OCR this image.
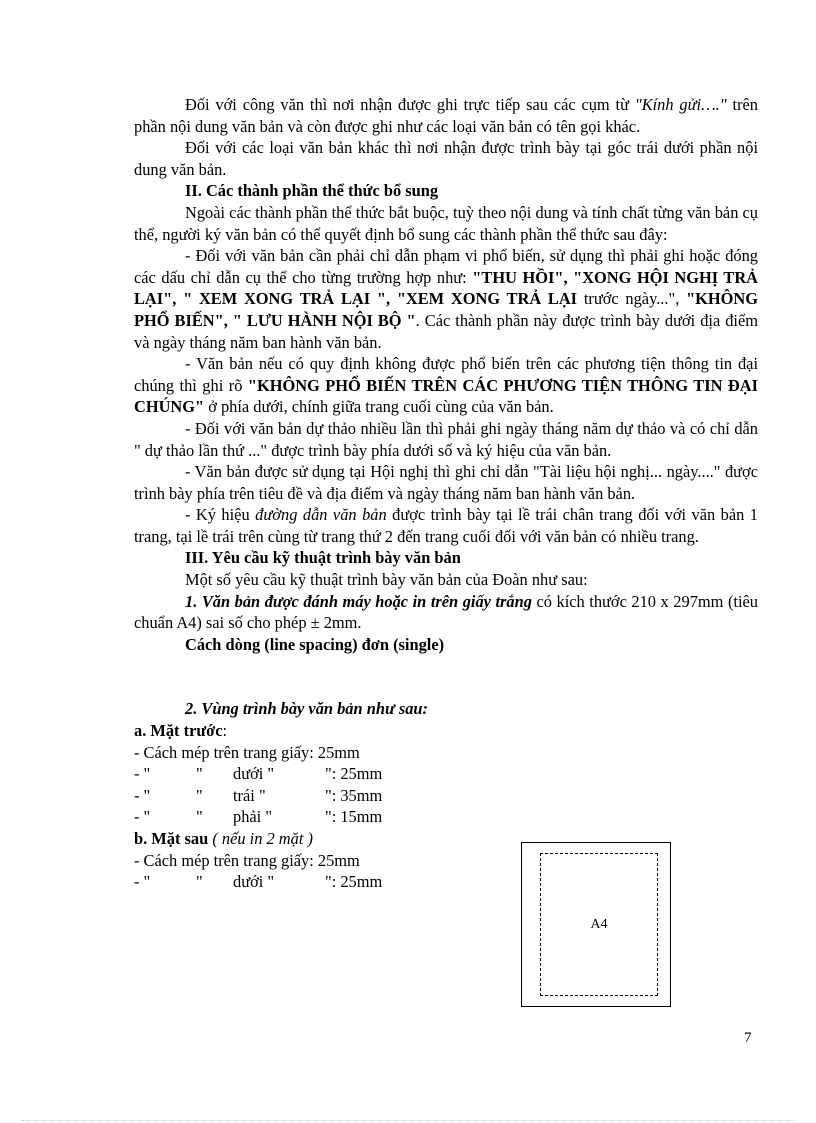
Đối với công văn thì nơi nhận được ghi trực tiếp sau các cụm từ "Kính gửi…." trên phần nội dung văn bản và còn được ghi như các loại văn bản có tên gọi khác.

Đối với các loại văn bản khác thì nơi nhận được trình bày tại góc trái dưới phần nội dung văn bản.

II. Các thành phần thể thức bổ sung

Ngoài các thành phần thể thức bắt buộc, tuỳ theo nội dung và tính chất từng văn bản cụ thể, người ký văn bản có thể quyết định bổ sung các thành phần thể thức sau đây:

- Đối với văn bản cần phải chỉ dẫn phạm vi phổ biến, sử dụng thì phải ghi hoặc đóng các dấu chỉ dẫn cụ thể cho từng trường hợp như: "THU HỒI", "XONG HỘI NGHỊ TRẢ LẠI", " XEM XONG TRẢ LẠI ", "XEM XONG TRẢ LẠI trước ngày...", "KHÔNG PHỔ BIẾN", " LƯU HÀNH NỘI BỘ ". Các thành phần này được trình bày dưới địa điểm và ngày tháng năm ban hành văn bản.

- Văn bản nếu có quy định không được phổ biến trên các phương tiện thông tin đại chúng thì ghi rõ "KHÔNG PHỔ BIẾN TRÊN CÁC PHƯƠNG TIỆN THÔNG TIN ĐẠI CHÚNG" ở phía dưới, chính giữa trang cuối cùng của văn bản.

- Đối với văn bản dự thảo nhiều lần thì phải ghi ngày tháng năm dự thảo và có chỉ dẫn " dự thảo lần thứ ..." được trình bày phía dưới số và ký hiệu của văn bản.

- Văn bản được sử dụng tại Hội nghị thì ghi chỉ dẫn "Tài liệu hội nghị... ngày...." được trình bày phía trên tiêu đề và địa điểm và ngày tháng năm ban hành văn bản.

- Ký hiệu đường dẫn văn bản được trình bày tại lề trái chân trang đối với văn bản 1 trang, tại lề trái trên cùng từ trang thứ 2 đến trang cuối đối với văn bản có nhiều trang.

III. Yêu cầu kỹ thuật trình bày văn bản

Một số yêu cầu kỹ thuật trình bày văn bản của Đoàn như sau:

1. Văn bản được đánh máy hoặc in trên giấy trắng có kích thước 210 x 297mm (tiêu chuẩn A4) sai số cho phép ± 2mm.

Cách dòng (line spacing) đơn (single)

2. Vùng trình bày văn bản như sau:

a. Mặt trước:

- Cách mép trên trang giấy: 25mm
- "	"	dưới "	": 25mm
- "	"	trái "	": 35mm
- "	"	phải "	": 15mm

b. Mặt sau ( nếu in 2 mặt )

- Cách mép trên trang giấy: 25mm
- "	"	dưới "	": 25mm
A4
7
